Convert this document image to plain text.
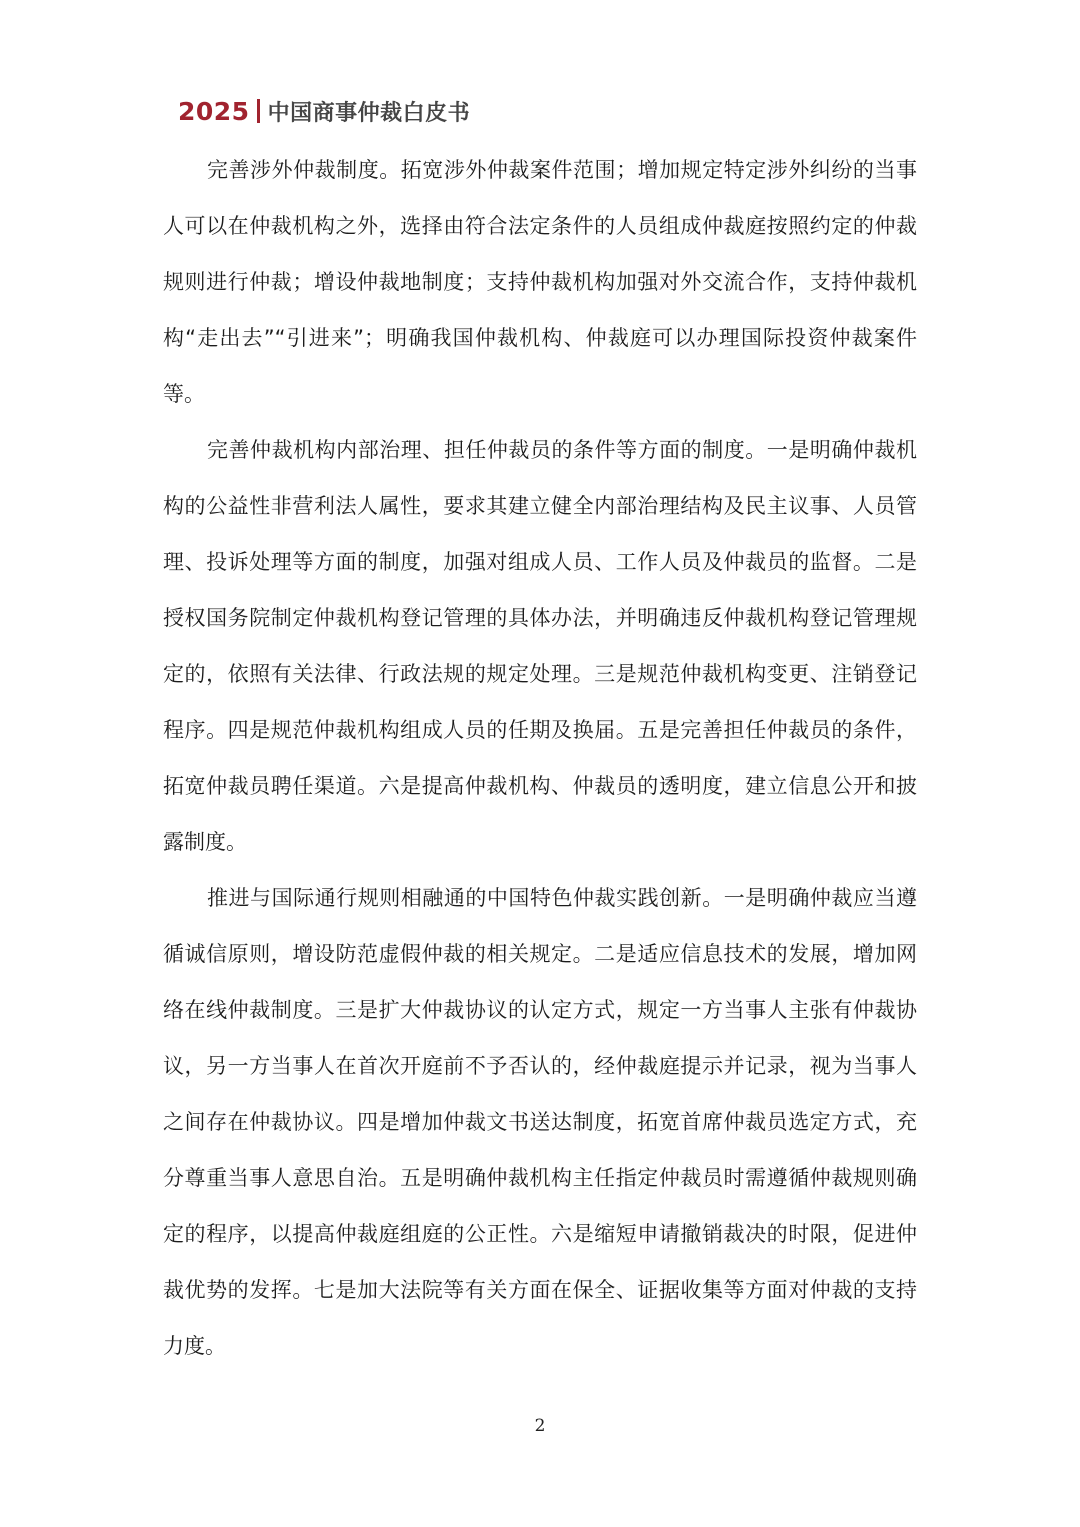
2025 中国商事仲裁白皮书

完善涉外仲裁制度。拓宽涉外仲裁案件范围；增加规定特定涉外纠纷的当事人可以在仲裁机构之外，选择由符合法定条件的人员组成仲裁庭按照约定的仲裁规则进行仲裁；增设仲裁地制度；支持仲裁机构加强对外交流合作，支持仲裁机构“走出去”“引进来”；明确我国仲裁机构、仲裁庭可以办理国际投资仲裁案件等。

完善仲裁机构内部治理、担任仲裁员的条件等方面的制度。一是明确仲裁机构的公益性非营利法人属性，要求其建立健全内部治理结构及民主议事、人员管理、投诉处理等方面的制度，加强对组成人员、工作人员及仲裁员的监督。二是授权国务院制定仲裁机构登记管理的具体办法，并明确违反仲裁机构登记管理规定的，依照有关法律、行政法规的规定处理。三是规范仲裁机构变更、注销登记程序。四是规范仲裁机构组成人员的任期及换届。五是完善担任仲裁员的条件，拓宽仲裁员聘任渠道。六是提高仲裁机构、仲裁员的透明度，建立信息公开和披露制度。

推进与国际通行规则相融通的中国特色仲裁实践创新。一是明确仲裁应当遵循诚信原则，增设防范虚假仲裁的相关规定。二是适应信息技术的发展，增加网络在线仲裁制度。三是扩大仲裁协议的认定方式，规定一方当事人主张有仲裁协议，另一方当事人在首次开庭前不予否认的，经仲裁庭提示并记录，视为当事人之间存在仲裁协议。四是增加仲裁文书送达制度，拓宽首席仲裁员选定方式，充分尊重当事人意思自治。五是明确仲裁机构主任指定仲裁员时需遵循仲裁规则确定的程序，以提高仲裁庭组庭的公正性。六是缩短申请撤销裁决的时限，促进仲裁优势的发挥。七是加大法院等有关方面在保全、证据收集等方面对仲裁的支持力度。

2
